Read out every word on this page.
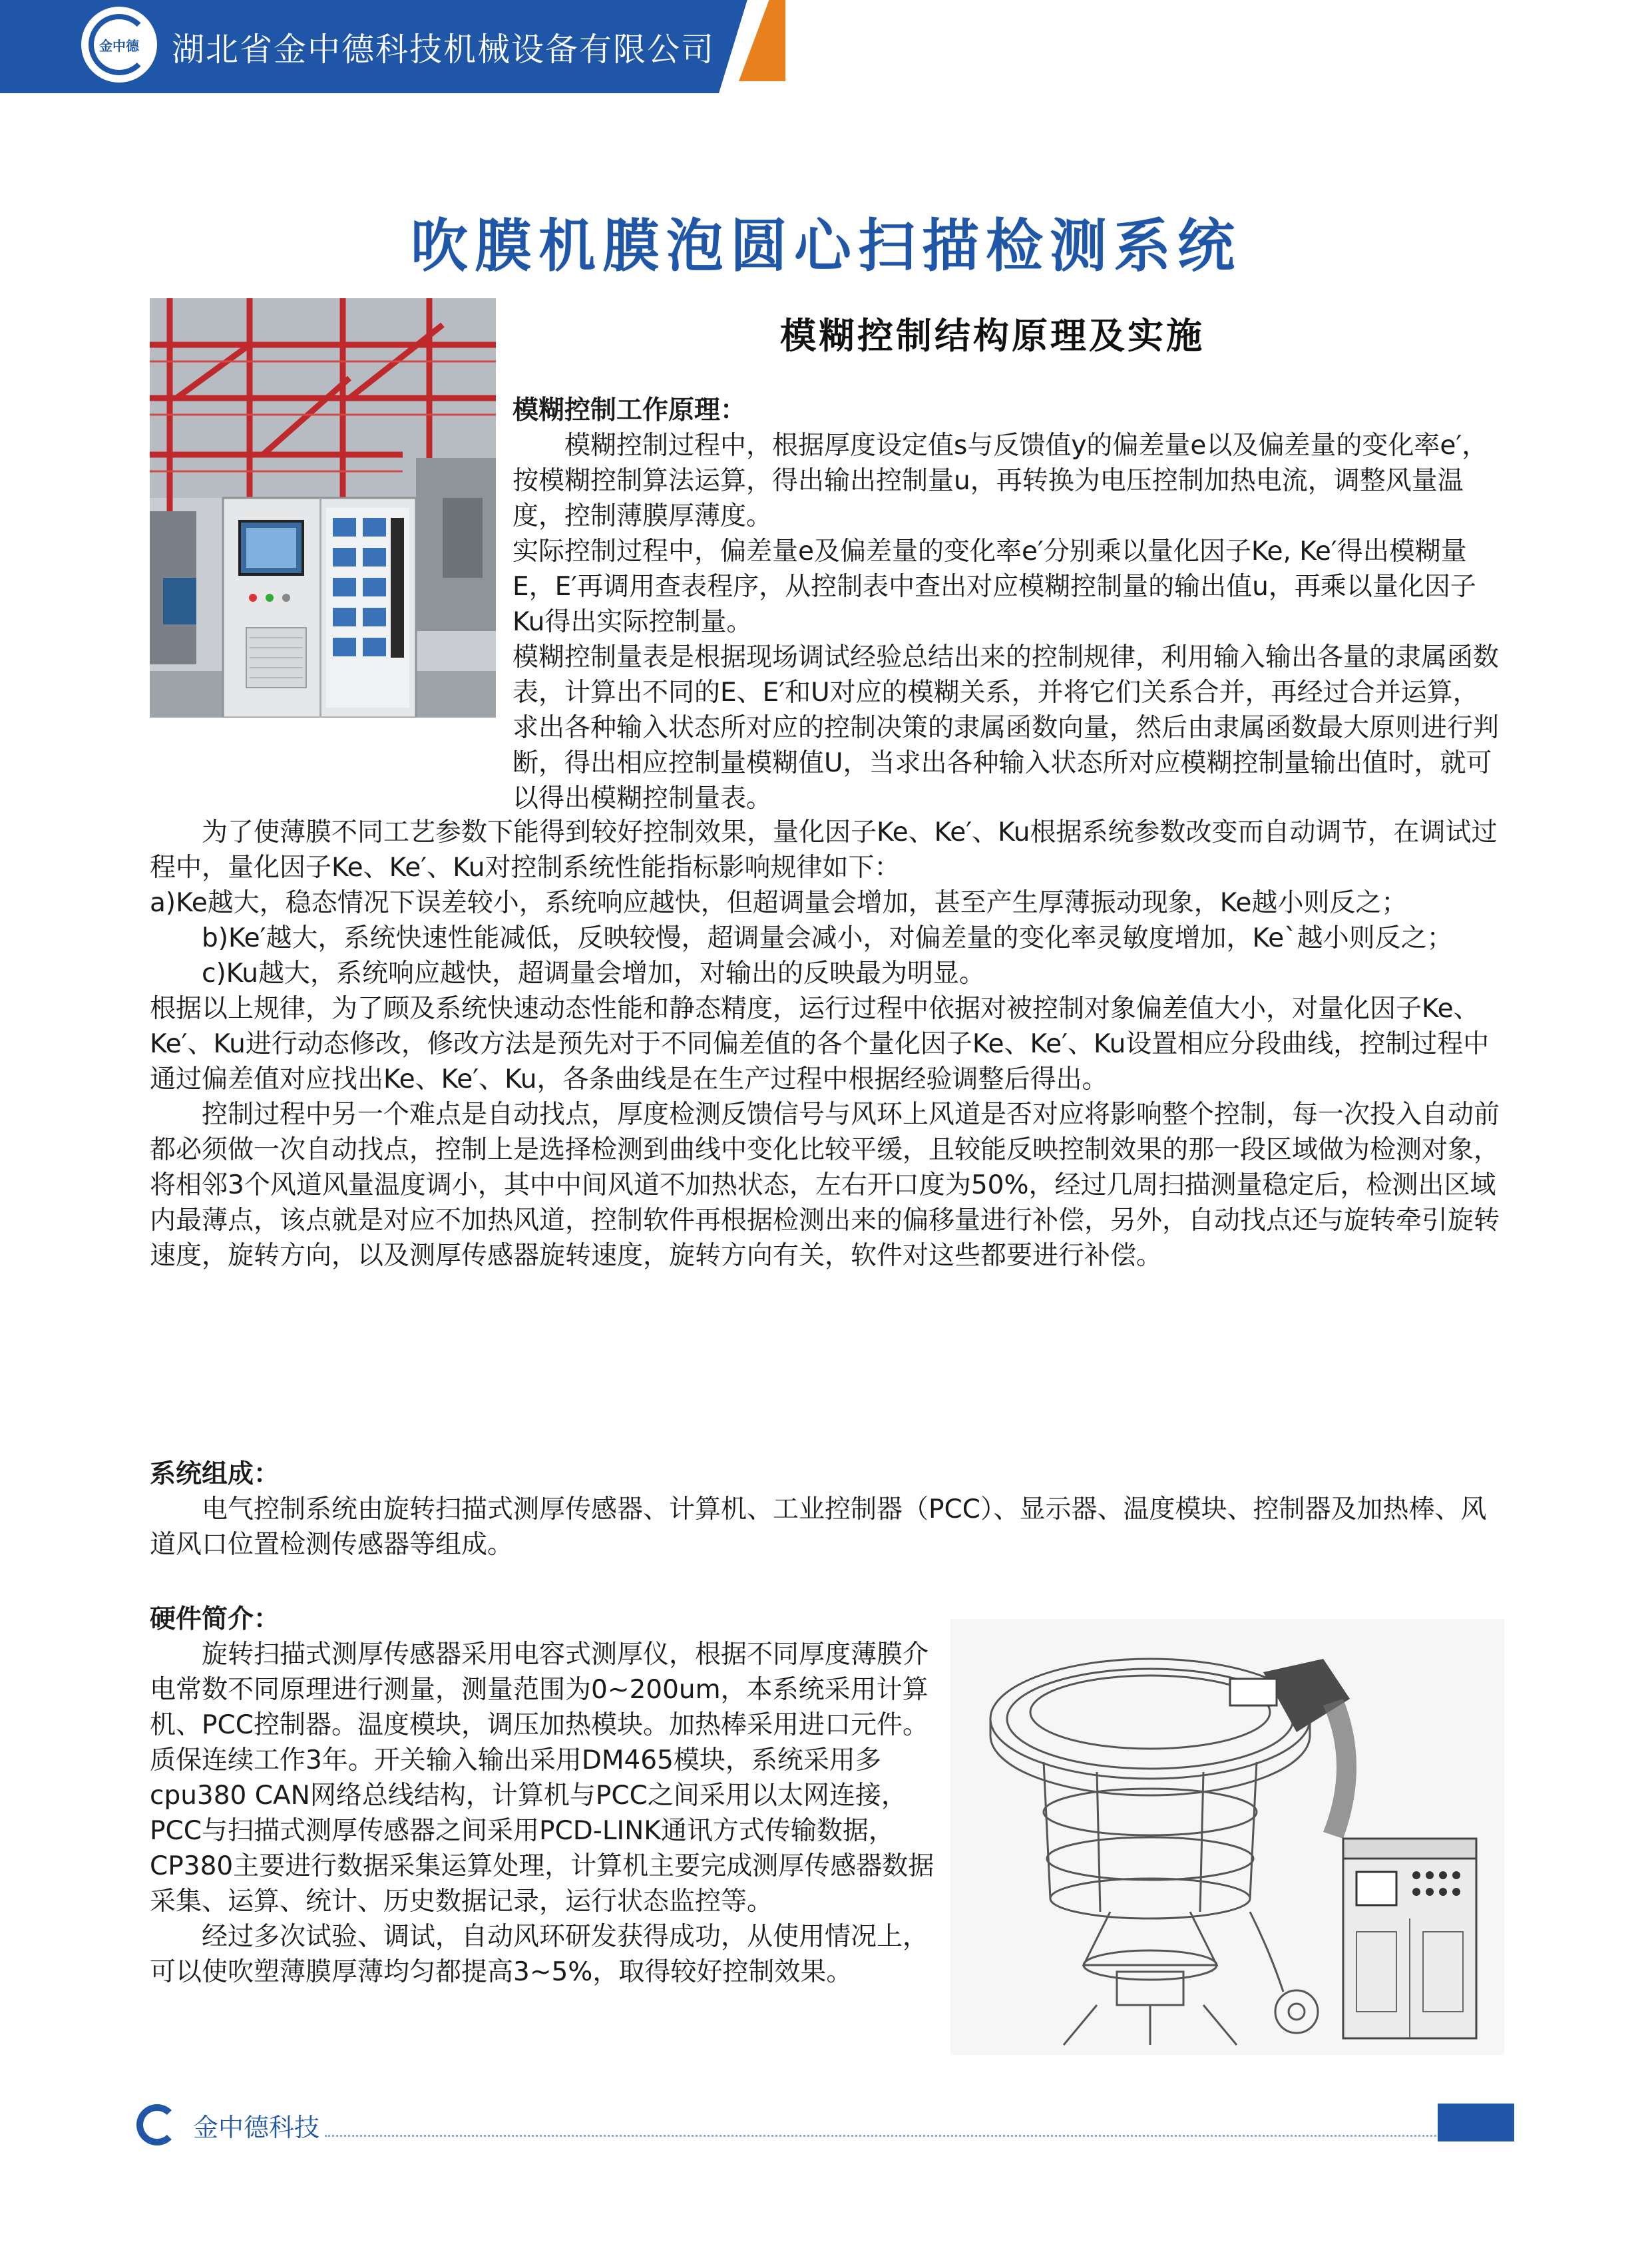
金中德 湖北省金中德科技机械设备有限公司
吹膜机膜泡圆心扫描检测系统
模糊控制结构原理及实施

模糊控制工作原理：

模糊控制过程中，根据厚度设定值s与反馈值y的偏差量e以及偏差量的变化率e′，按模糊控制算法运算，得出输出控制量u，再转换为电压控制加热电流，调整风量温度，控制薄膜厚薄度。

实际控制过程中，偏差量e及偏差量的变化率e′分别乘以量化因子Ke, Ke′得出模糊量E，E′再调用查表程序，从控制表中查出对应模糊控制量的输出值u，再乘以量化因子Ku得出实际控制量。

模糊控制量表是根据现场调试经验总结出来的控制规律，利用输入输出各量的隶属函数表，计算出不同的E、E′和U对应的模糊关系，并将它们关系合并，再经过合并运算，求出各种输入状态所对应的控制决策的隶属函数向量，然后由隶属函数最大原则进行判断，得出相应控制量模糊值U，当求出各种输入状态所对应模糊控制量输出值时，就可以得出模糊控制量表。

为了使薄膜不同工艺参数下能得到较好控制效果，量化因子Ke、Ke′、Ku根据系统参数改变而自动调节，在调试过程中，量化因子Ke、Ke′、Ku对控制系统性能指标影响规律如下：

a)Ke越大，稳态情况下误差较小，系统响应越快，但超调量会增加，甚至产生厚薄振动现象，Ke越小则反之；

b)Ke′越大，系统快速性能减低，反映较慢，超调量会减小，对偏差量的变化率灵敏度增加，Ke`越小则反之；

c)Ku越大，系统响应越快，超调量会增加，对输出的反映最为明显。

根据以上规律，为了顾及系统快速动态性能和静态精度，运行过程中依据对被控制对象偏差值大小，对量化因子Ke、Ke′、Ku进行动态修改，修改方法是预先对于不同偏差值的各个量化因子Ke、Ke′、Ku设置相应分段曲线，控制过程中通过偏差值对应找出Ke、Ke′、Ku，各条曲线是在生产过程中根据经验调整后得出。

控制过程中另一个难点是自动找点，厚度检测反馈信号与风环上风道是否对应将影响整个控制，每一次投入自动前都必须做一次自动找点，控制上是选择检测到曲线中变化比较平缓，且较能反映控制效果的那一段区域做为检测对象，将相邻3个风道风量温度调小，其中中间风道不加热状态，左右开口度为50%，经过几周扫描测量稳定后，检测出区域内最薄点，该点就是对应不加热风道，控制软件再根据检测出来的偏移量进行补偿，另外，自动找点还与旋转牵引旋转速度，旋转方向，以及测厚传感器旋转速度，旋转方向有关，软件对这些都要进行补偿。

系统组成：

电气控制系统由旋转扫描式测厚传感器、计算机、工业控制器（PCC）、显示器、温度模块、控制器及加热棒、风道风口位置检测传感器等组成。

硬件简介：

旋转扫描式测厚传感器采用电容式测厚仪，根据不同厚度薄膜介电常数不同原理进行测量，测量范围为0~200um，本系统采用计算机、PCC控制器。温度模块，调压加热模块。加热棒采用进口元件。质保连续工作3年。开关输入输出采用DM465模块，系统采用多cpu380 CAN网络总线结构，计算机与PCC之间采用以太网连接，PCC与扫描式测厚传感器之间采用PCD-LINK通讯方式传输数据，CP380主要进行数据采集运算处理，计算机主要完成测厚传感器数据采集、运算、统计、历史数据记录，运行状态监控等。

经过多次试验、调试，自动风环研发获得成功，从使用情况上，可以使吹塑薄膜厚薄均匀都提高3~5%，取得较好控制效果。

金中德科技
